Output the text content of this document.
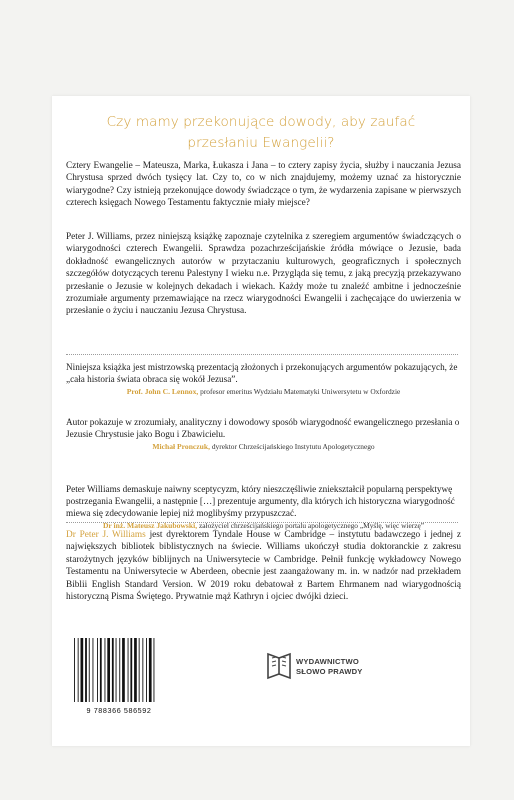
Czy mamy przekonujące dowody, aby zaufać
przesłaniu Ewangelii?

Cztery Ewangelie – Mateusza, Marka, Łukasza i Jana – to cztery zapisy życia, służby i nauczania Jezusa Chrystusa sprzed dwóch tysięcy lat. Czy to, co w nich znajdujemy, możemy uznać za historycznie wiarygodne? Czy istnieją przekonujące dowody świadczące o tym, że wydarzenia zapisane w pierwszych czterech księgach Nowego Testamentu faktycznie miały miejsce?

Peter J. Williams, przez niniejszą książkę zapoznaje czytelnika z szeregiem argumentów świadczących o wiarygodności czterech Ewangelii. Sprawdza pozachrześcijańskie źródła mówiące o Jezusie, bada dokładność ewangelicznych autorów w przytaczaniu kulturowych, geograficznych i społecznych szczegółów dotyczących terenu Palestyny I wieku n.e. Przygląda się temu, z jaką precyzją przekazywano przesłanie o Jezusie w kolejnych dekadach i wiekach. Każdy może tu znaleźć ambitne i jednocześnie zrozumiałe argumenty przemawiające na rzecz wiarygodności Ewangelii i zachęcające do uwierzenia w przesłanie o życiu i nauczaniu Jezusa Chrystusa.

Niniejsza książka jest mistrzowską prezentacją złożonych i przekonujących argumentów pokazujących, że „cała historia świata obraca się wokół Jezusa”.
Prof. John C. Lennox, profesor emeritus Wydziału Matematyki Uniwersytetu w Oxfordzie
Autor pokazuje w zrozumiały, analityczny i dowodowy sposób wiarygodność ewangelicznego przesłania o Jezusie Chrystusie jako Bogu i Zbawicielu.
Michał Pronczuk, dyrektor Chrześcijańskiego Instytutu Apologetycznego
Peter Williams demaskuje naiwny sceptycyzm, który nieszczęśliwie zniekształcił popularną perspektywę postrzegania Ewangelii, a następnie […] prezentuje argumenty, dla których ich historyczna wiarygodność miewa się zdecydowanie lepiej niż moglibyśmy przypuszczać.
Dr inż. Mateusz Jakubowski, założyciel chrześcijańskiego portalu apologetycznego „Myślę, więc wierzę”

Dr Peter J. Williams jest dyrektorem Tyndale House w Cambridge – instytutu badawczego i jednej z największych bibliotek biblistycznych na świecie. Williams ukończył studia doktoranckie z zakresu starożytnych języków biblijnych na Uniwersytecie w Cambridge. Pełnił funkcję wykładowcy Nowego Testamentu na Uniwersytecie w Aberdeen, obecnie jest zaangażowany m. in. w nadzór nad przekładem Biblii English Standard Version. W 2019 roku debatował z Bartem Ehrmanem nad wiarygodnością historyczną Pisma Świętego. Prywatnie mąż Kathryn i ojciec dwójki dzieci.

9 788366 586592
WYDAWNICTWO
SŁOWO PRAWDY
